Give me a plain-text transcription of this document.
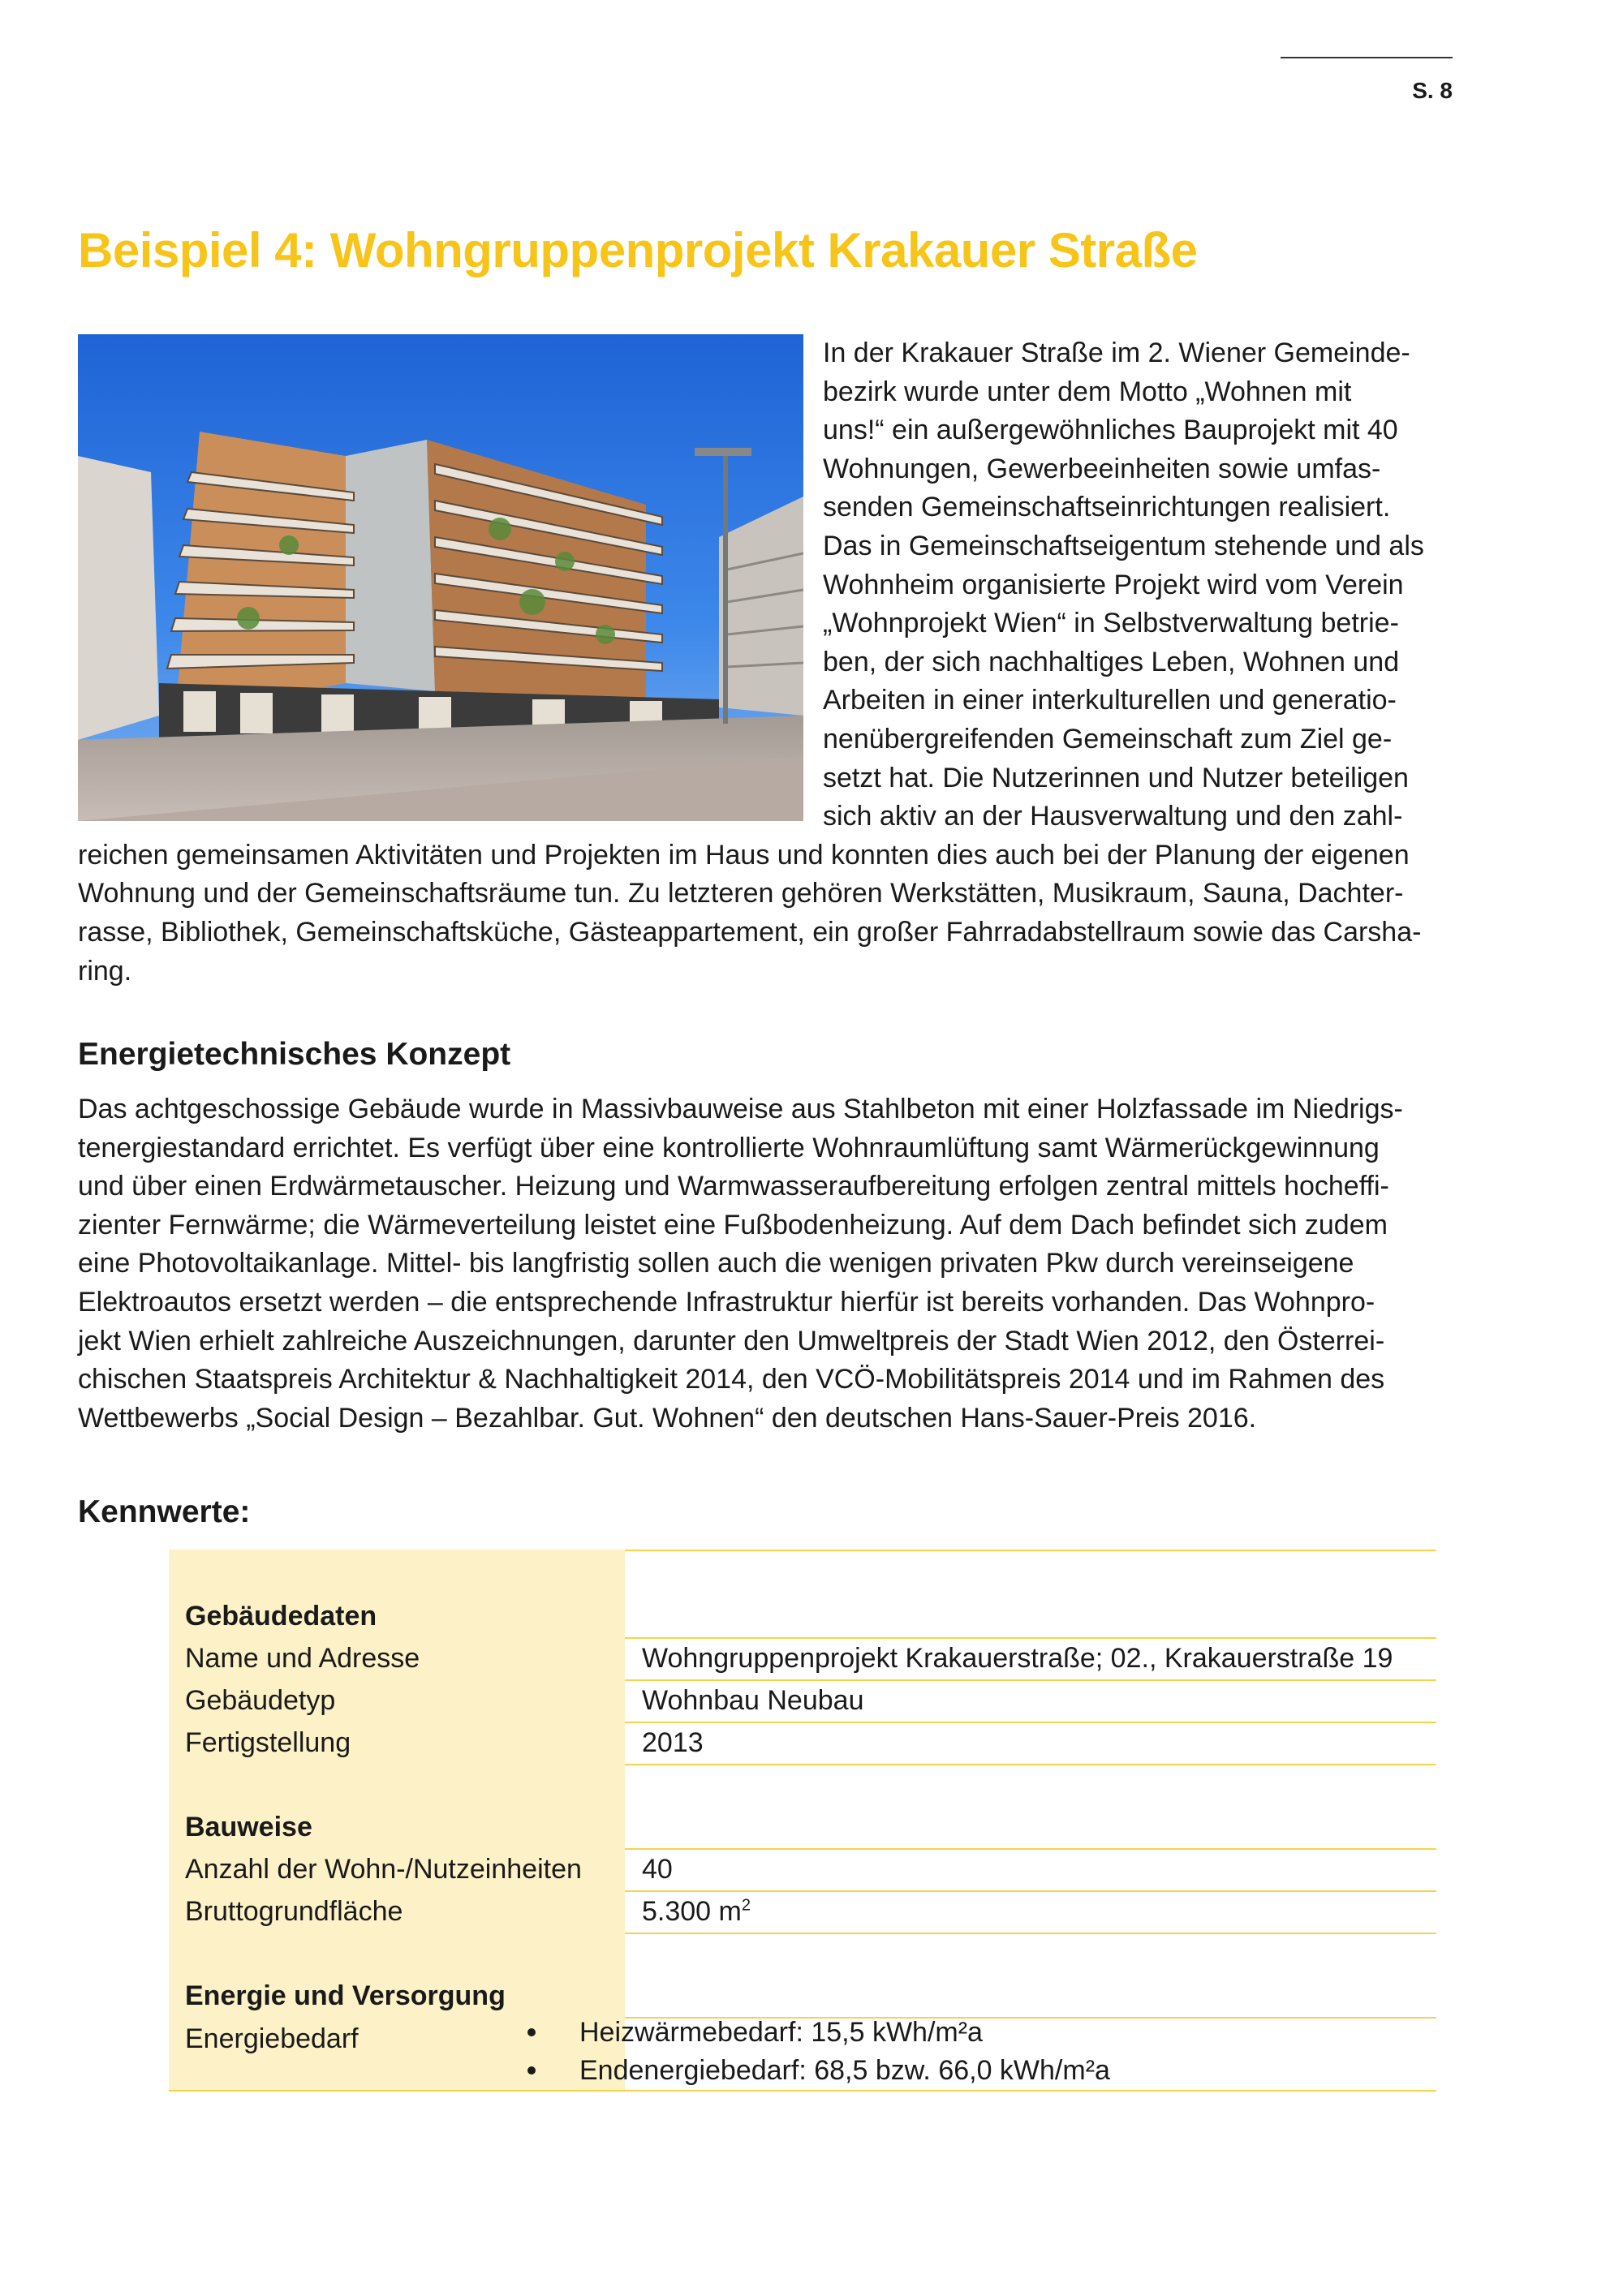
S. 8
Beispiel 4: Wohngruppenprojekt Krakauer Straße
In der Krakauer Straße im 2. Wiener Gemeinde-
bezirk wurde unter dem Motto „Wohnen mit
uns!“ ein außergewöhnliches Bauprojekt mit 40
Wohnungen, Gewerbeeinheiten sowie umfas-
senden Gemeinschaftseinrichtungen realisiert.
Das in Gemeinschaftseigentum stehende und als
Wohnheim organisierte Projekt wird vom Verein
„Wohnprojekt Wien“ in Selbstverwaltung betrie-
ben, der sich nachhaltiges Leben, Wohnen und
Arbeiten in einer interkulturellen und generatio-
nenübergreifenden Gemeinschaft zum Ziel ge-
setzt hat. Die Nutzerinnen und Nutzer beteiligen
sich aktiv an der Hausverwaltung und den zahl-
reichen gemeinsamen Aktivitäten und Projekten im Haus und konnten dies auch bei der Planung der eigenen
Wohnung und der Gemeinschaftsräume tun. Zu letzteren gehören Werkstätten, Musikraum, Sauna, Dachter-
rasse, Bibliothek, Gemeinschaftsküche, Gästeappartement, ein großer Fahrradabstellraum sowie das Carsha-
ring.
Energietechnisches Konzept
Das achtgeschossige Gebäude wurde in Massivbauweise aus Stahlbeton mit einer Holzfassade im Niedrigs-
tenergiestandard errichtet. Es verfügt über eine kontrollierte Wohnraumlüftung samt Wärmerückgewinnung
und über einen Erdwärmetauscher. Heizung und Warmwasseraufbereitung erfolgen zentral mittels hocheffi-
zienter Fernwärme; die Wärmeverteilung leistet eine Fußbodenheizung. Auf dem Dach befindet sich zudem
eine Photovoltaikanlage. Mittel- bis langfristig sollen auch die wenigen privaten Pkw durch vereinseigene
Elektroautos ersetzt werden – die entsprechende Infrastruktur hierfür ist bereits vorhanden. Das Wohnpro-
jekt Wien erhielt zahlreiche Auszeichnungen, darunter den Umweltpreis der Stadt Wien 2012, den Österrei-
chischen Staatspreis Architektur & Nachhaltigkeit 2014, den VCÖ-Mobilitätspreis 2014 und im Rahmen des
Wettbewerbs „Social Design – Bezahlbar. Gut. Wohnen“ den deutschen Hans-Sauer-Preis 2016.
Kennwerte:
Gebäudedaten
Name und Adresse	Wohngruppenprojekt Krakauerstraße; 02., Krakauerstraße 19
Gebäudetyp	Wohnbau Neubau
Fertigstellung	2013
Bauweise
Anzahl der Wohn-/Nutzeinheiten 40
Bruttogrundfläche	5.300 $m^2$
Energie und Versorgung
Energiebedarf	Heizwärmebedarf: 15,5 kWh/m²a
Endenergiebedarf: 68,5 bzw. 66,0 kWh/m²a
